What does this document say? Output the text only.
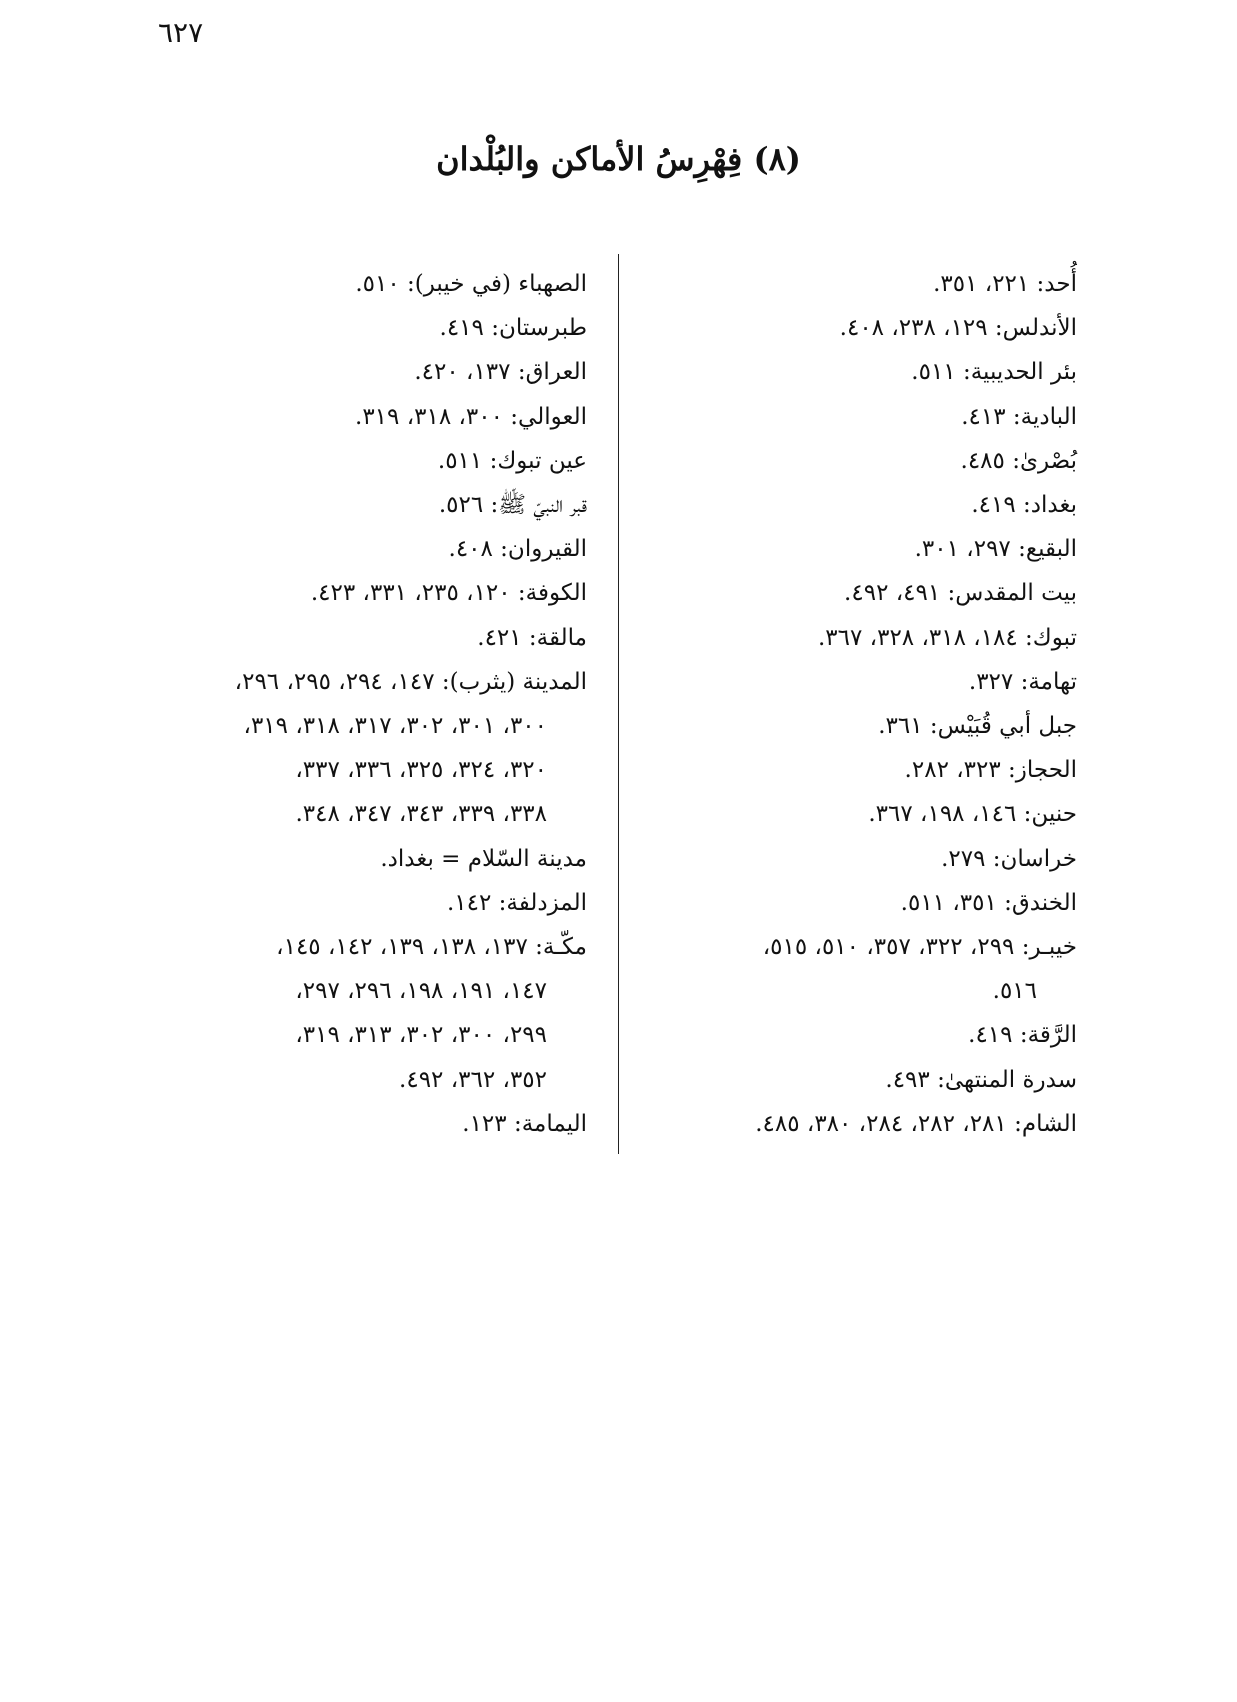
٦٢٧
(٨) فِهْرِسُ الأماكن والبُلْدان
أُحد: ٢٢١، ٣٥١.
الأندلس: ١٢٩، ٢٣٨، ٤٠٨.
بئر الحديبية: ٥١١.
البادية: ٤١٣.
بُصْرىٰ: ٤٨٥.
بغداد: ٤١٩.
البقيع: ٢٩٧، ٣٠١.
بيت المقدس: ٤٩١، ٤٩٢.
تبوك: ١٨٤، ٣١٨، ٣٢٨، ٣٦٧.
تهامة: ٣٢٧.
جبل أبي قُبَيْس: ٣٦١.
الحجاز: ٣٢٣، ٢٨٢.
حنين: ١٤٦، ١٩٨، ٣٦٧.
خراسان: ٢٧٩.
الخندق: ٣٥١، ٥١١.
خيبـر: ٢٩٩، ٣٢٢، ٣٥٧، ٥١٠، ٥١٥،
٥١٦.
الرَّقة: ٤١٩.
سدرة المنتهىٰ: ٤٩٣.
الشام: ٢٨١، ٢٨٢، ٢٨٤، ٣٨٠، ٤٨٥.
الصهباء (في خيبر): ٥١٠.
طبرستان: ٤١٩.
العراق: ١٣٧، ٤٢٠.
العوالي: ٣٠٠، ٣١٨، ٣١٩.
عين تبوك: ٥١١.
قبر النبيّ ﷺ: ٥٢٦.
القيروان: ٤٠٨.
الكوفة: ١٢٠، ٢٣٥، ٣٣١، ٤٢٣.
مالقة: ٤٢١.
المدينة (يثرب): ١٤٧، ٢٩٤، ٢٩٥، ٢٩٦،
٣٠٠، ٣٠١، ٣٠٢، ٣١٧، ٣١٨، ٣١٩،
٣٢٠، ٣٢٤، ٣٢٥، ٣٣٦، ٣٣٧،
٣٣٨، ٣٣٩، ٣٤٣، ٣٤٧، ٣٤٨.
مدينة السّلام = بغداد.
المزدلفة: ١٤٢.
مكّـة: ١٣٧، ١٣٨، ١٣٩، ١٤٢، ١٤٥،
١٤٧، ١٩١، ١٩٨، ٢٩٦، ٢٩٧،
٢٩٩، ٣٠٠، ٣٠٢، ٣١٣، ٣١٩،
٣٥٢، ٣٦٢، ٤٩٢.
اليمامة: ١٢٣.
